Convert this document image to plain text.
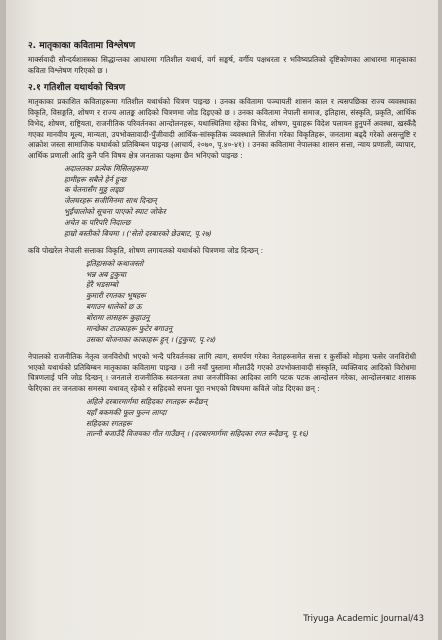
२. मातृकाका कवितामा विश्लेषण

मार्क्सवादी सौन्दर्यशास्त्रका सिद्धान्तका आधारमा गतिशील यथार्थ, वर्ग सङ्घर्ष, वर्गीय पक्षधरता र भविष्यप्रतिको दृष्टिकोणका आधारमा मातृकाका कविता विश्लेषण गरिएको छ ।

२.१ गतिशील यथार्थको चित्रण

मातृकाका प्रकाशित कविताहरूमा गतिशील यथार्थको चित्रण पाइन्छ । उनका कवितामा पञ्चायती शासन काल र त्यसपछिका राज्य व्यवस्थाका विकृति, विसङ्गति, शोषण र राज्य आतङ्क आदिको चित्रणमा जोड दिइएको छ । उनका कवितामा नेपाली समाज, इतिहास, संस्कृति, प्रकृति, आर्थिक विभेद, शोषण, राष्ट्रियता, राजनीतिक परिवर्तनका आन्दोलनहरू, यथास्थितिमा रहेका विभेद, शोषण, युवाहरू विदेश पलायन हुनुपर्ने अवस्था, खस्कँदै गएका मानवीय मूल्य, मान्यता, उपभोक्तावादी-पुँजीवादी आर्थिक-सांस्कृतिक व्यवस्थाले सिर्जना गरेका विकृतिहरू, जनतामा बढ्दै गरेको असन्तुष्टि र आक्रोश जस्ता सामाजिक यथार्थको प्रतिबिम्बन पाइन्छ (आचार्य, २०७०, पृ.४०-४१) । उनका कवितामा नेपालका शासन सत्ता, न्याय प्रणाली, व्यापार, आर्थिक प्रणाली आदि कुनै पनि विषय क्षेत्र जनताका पक्षमा छैन भनिएको पाइन्छ :

अदालतका प्रत्येक मिसिलहरूमा
हामीहरू सबैले हेर्न हुन्छ
क चेतनासँग मुठ्ठ लड्छ
जेलघरहरू सजीमिनमा साथ दिन्छन्
भुईंचालोको सूचना पाएको स्याट जोकेर
अचेत क परिपरि निदाल्छ
हाम्रो बस्तीको बिचमा । ('सेतो दरबारको छेउबाट, पृ.२७)

कवि पोखरेल नेपाली सत्ताका विकृति, शोषण लगायतको यथार्थको चित्रणमा जोड दिन्छन् :

इतिहासको कथाजस्तो
भन्न अब टुकुचा
हेरै भडसम्बो
कुमारी रगतका भूषहरू
बगाउन धालेको छ ऊ
बोरामा लासहरू कुहाउनू
मान्छेका टाउकाहरू फुटेर बगाउनू
उसका योजनाका काकाहरू हुन् । (टुकुचा, पृ.२४)

नेपालको राजनीतिक नेतृत्व जनविरोधी भएको भन्दै परिवर्तनका लागि त्याग, समर्पण गरेका नेताहरूसमेत सत्ता र कुर्सीको मोहमा फसेर जनविरोधी भएको यथार्थको प्रतिबिम्बन मातृकाका कवितामा पाइन्छ । उनी नयाँ पुस्तामा मौलाउँदै गएको उपभोक्तावादी संस्कृति, व्यक्तिवाद आदिको विरोधमा चित्रणलाई पनि जोड दिन्छन् । जनताले राजनीतिक स्वतन्त्रता तथा जनजीविका आदिका लागि पटक पटक आन्दोलन गरेका, आन्दोलनबाट शासक फेरिएका तर जनताका समस्या यथावत् रहेको र सहिदको सपना पूरा नभएको विषयमा कविले जोड दिएका छन् :

अहिले दरबारमार्गमा सहिदका रगतहरू रूदैछन्
यहाँ बकमकी फूल फुल्न लाग्दा
सहिदका रगतहरू
ताल्नी बजाउँदै विजयका गीत गाउँछन् । (दरबारमार्गमा सहिदका रगत रूदैछन्, पृ.१६)
Triyuga Academic Journal/43
